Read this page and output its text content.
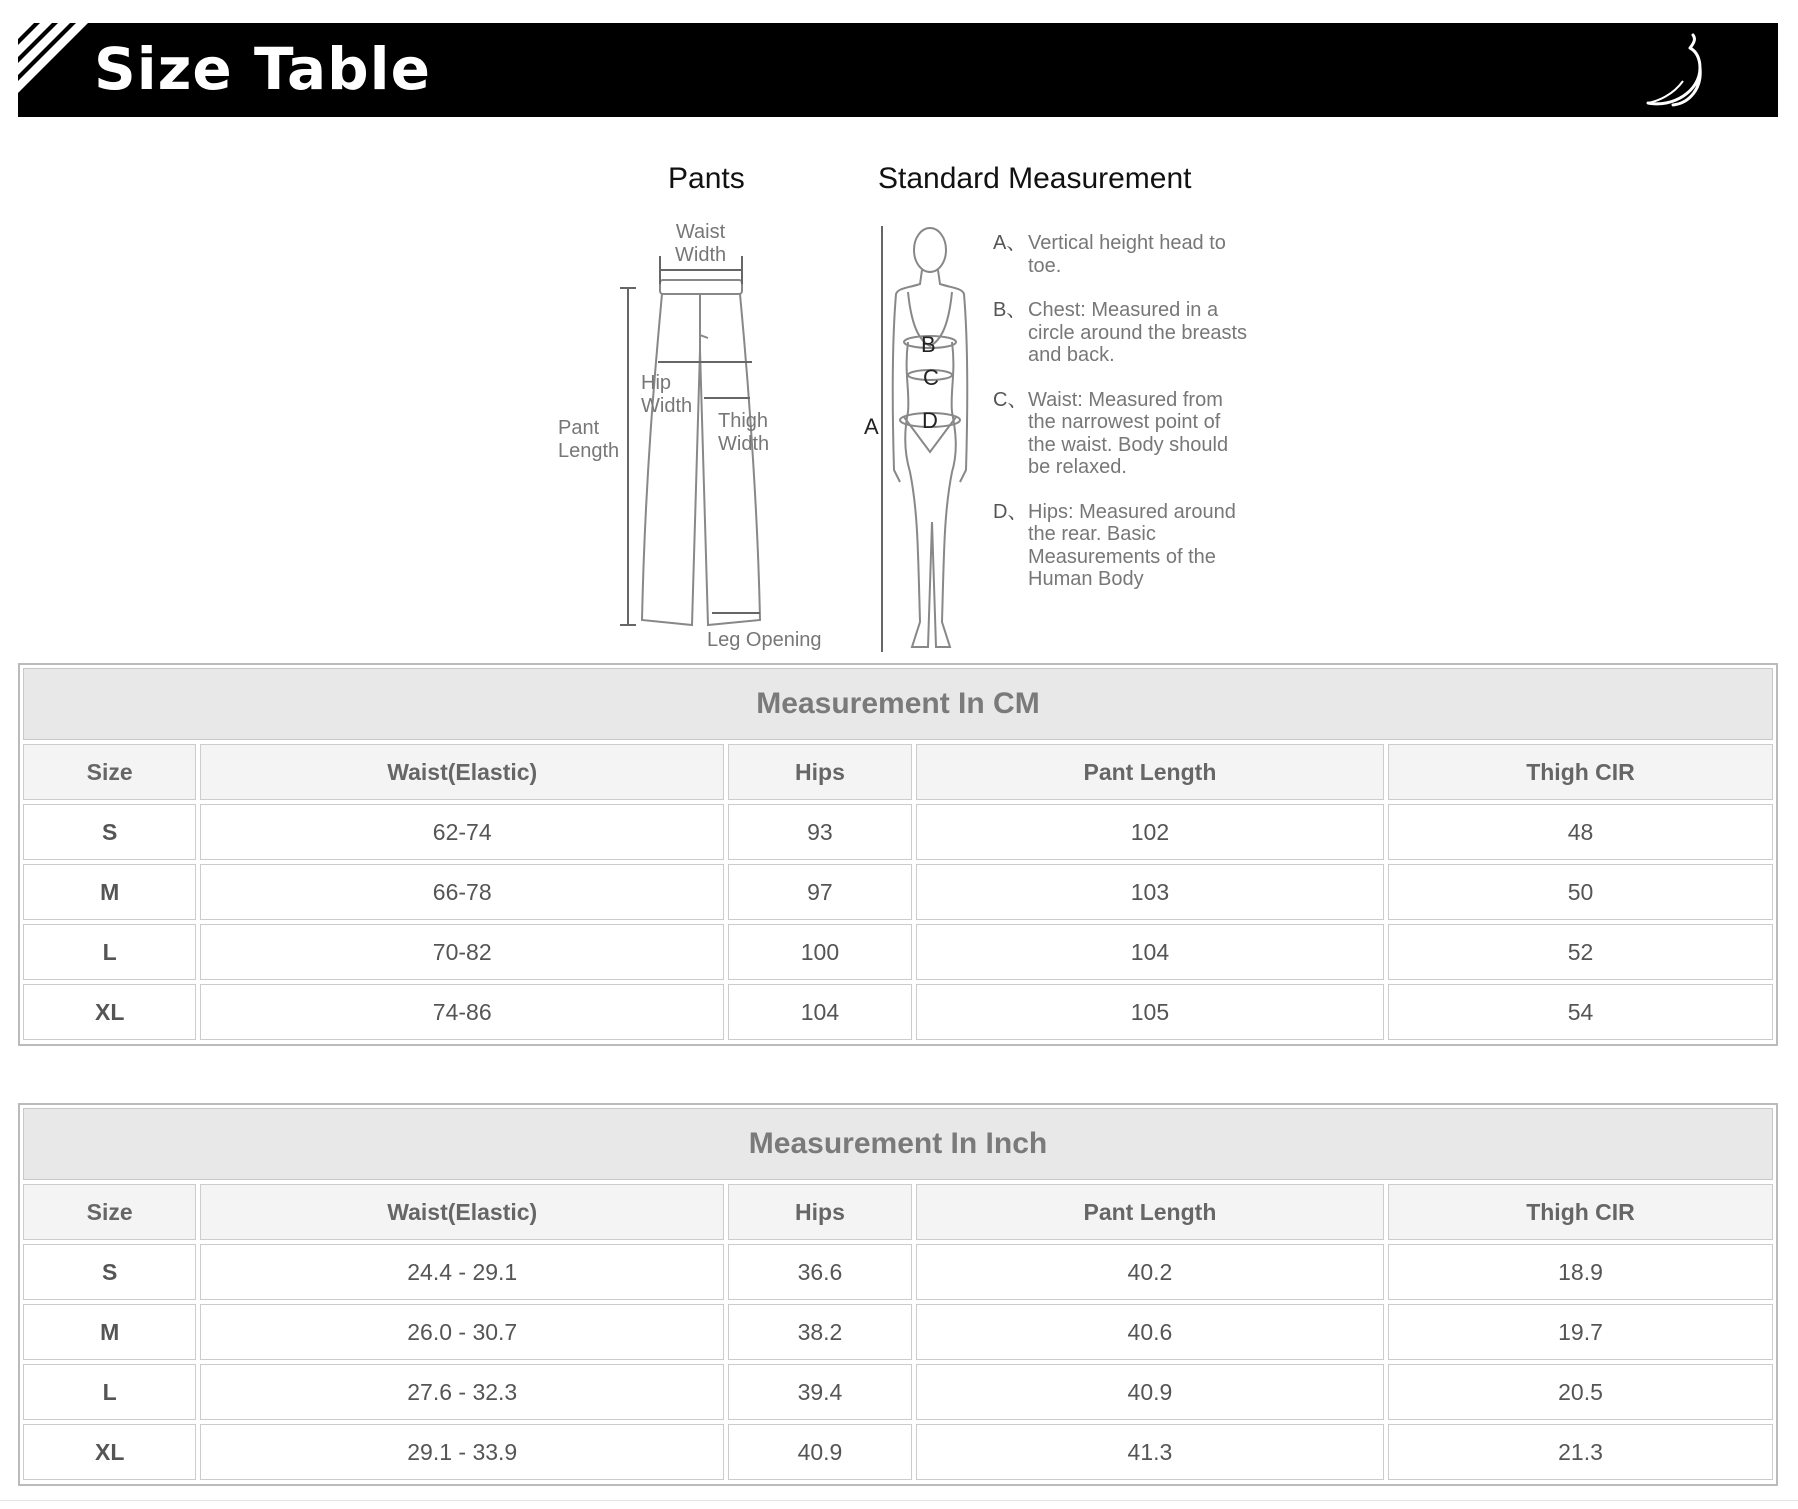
Size Table
Pants
Waist
Width
Hip
Width
Thigh
Width
Pant
Length
Leg Opening
Standard Measurement
B
C
D
A
A、 Vertical height head to toe.
B、 Chest: Measured in a circle around the breasts and back.
C、 Waist: Measured from the narrowest point of the waist. Body should be relaxed.
D、 Hips: Measured around the rear. Basic Measurements of the Human Body
Measurement In CM				
Size	Waist(Elastic)	Hips	Pant Length	Thigh CIR
S	62-74	93	102	48
M	66-78	97	103	50
L	70-82	100	104	52
XL	74-86	104	105	54
Measurement In Inch				
Size	Waist(Elastic)	Hips	Pant Length	Thigh CIR
S	24.4 - 29.1	36.6	40.2	18.9
M	26.0 - 30.7	38.2	40.6	19.7
L	27.6 - 32.3	39.4	40.9	20.5
XL	29.1 - 33.9	40.9	41.3	21.3
